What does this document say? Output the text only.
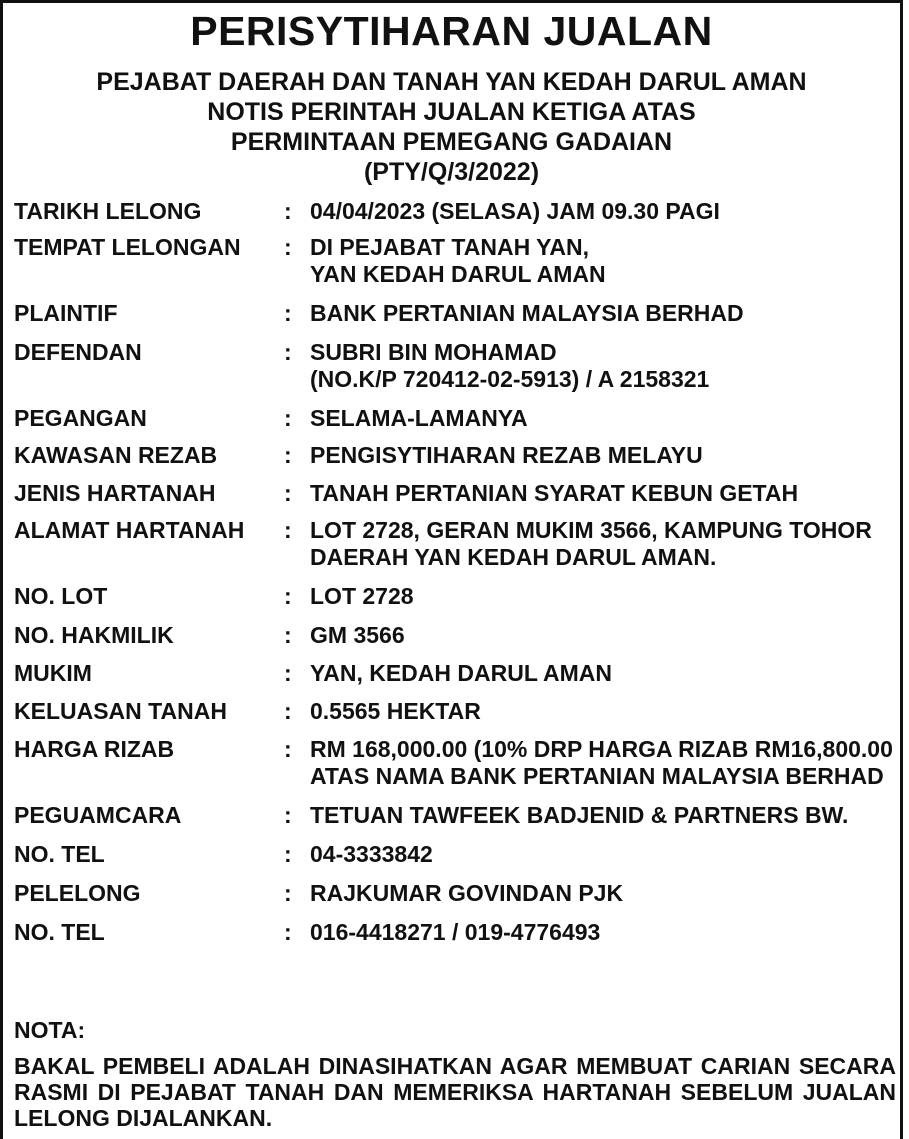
PERISYTIHARAN JUALAN
PEJABAT DAERAH DAN TANAH YAN KEDAH DARUL AMAN
NOTIS PERINTAH JUALAN KETIGA ATAS
PERMINTAAN PEMEGANG GADAIAN
(PTY/Q/3/2022)
TARIKH LELONG	: 04/04/2023 (SELASA) JAM 09.30 PAGI
TEMPAT LELONGAN	: DI PEJABAT TANAH YAN,
YAN KEDAH DARUL AMAN
PLAINTIF	: BANK PERTANIAN MALAYSIA BERHAD
DEFENDAN	: SUBRI BIN MOHAMAD
(NO.K/P 720412-02-5913) / A 2158321
PEGANGAN	: SELAMA-LAMANYA
KAWASAN REZAB	: PENGISYTIHARAN REZAB MELAYU
JENIS HARTANAH	: TANAH PERTANIAN SYARAT KEBUN GETAH
ALAMAT HARTANAH	: LOT 2728, GERAN MUKIM 3566, KAMPUNG TOHOR
DAERAH YAN KEDAH DARUL AMAN.
NO. LOT	: LOT 2728
NO. HAKMILIK	: GM 3566
MUKIM	: YAN, KEDAH DARUL AMAN
KELUASAN TANAH	: 0.5565 HEKTAR
HARGA RIZAB	: RM 168,000.00 (10% DRP HARGA RIZAB RM16,800.00
ATAS NAMA BANK PERTANIAN MALAYSIA BERHAD
PEGUAMCARA	: TETUAN TAWFEEK BADJENID & PARTNERS BW.
NO. TEL	: 04-3333842
PELELONG	: RAJKUMAR GOVINDAN PJK
NO. TEL	: 016-4418271 / 019-4776493
NOTA:
BAKAL PEMBELI ADALAH DINASIHATKAN AGAR MEMBUAT CARIAN SECARA RASMI DI PEJABAT TANAH DAN MEMERIKSA HARTANAH SEBELUM JUALAN LELONG DIJALANKAN.
